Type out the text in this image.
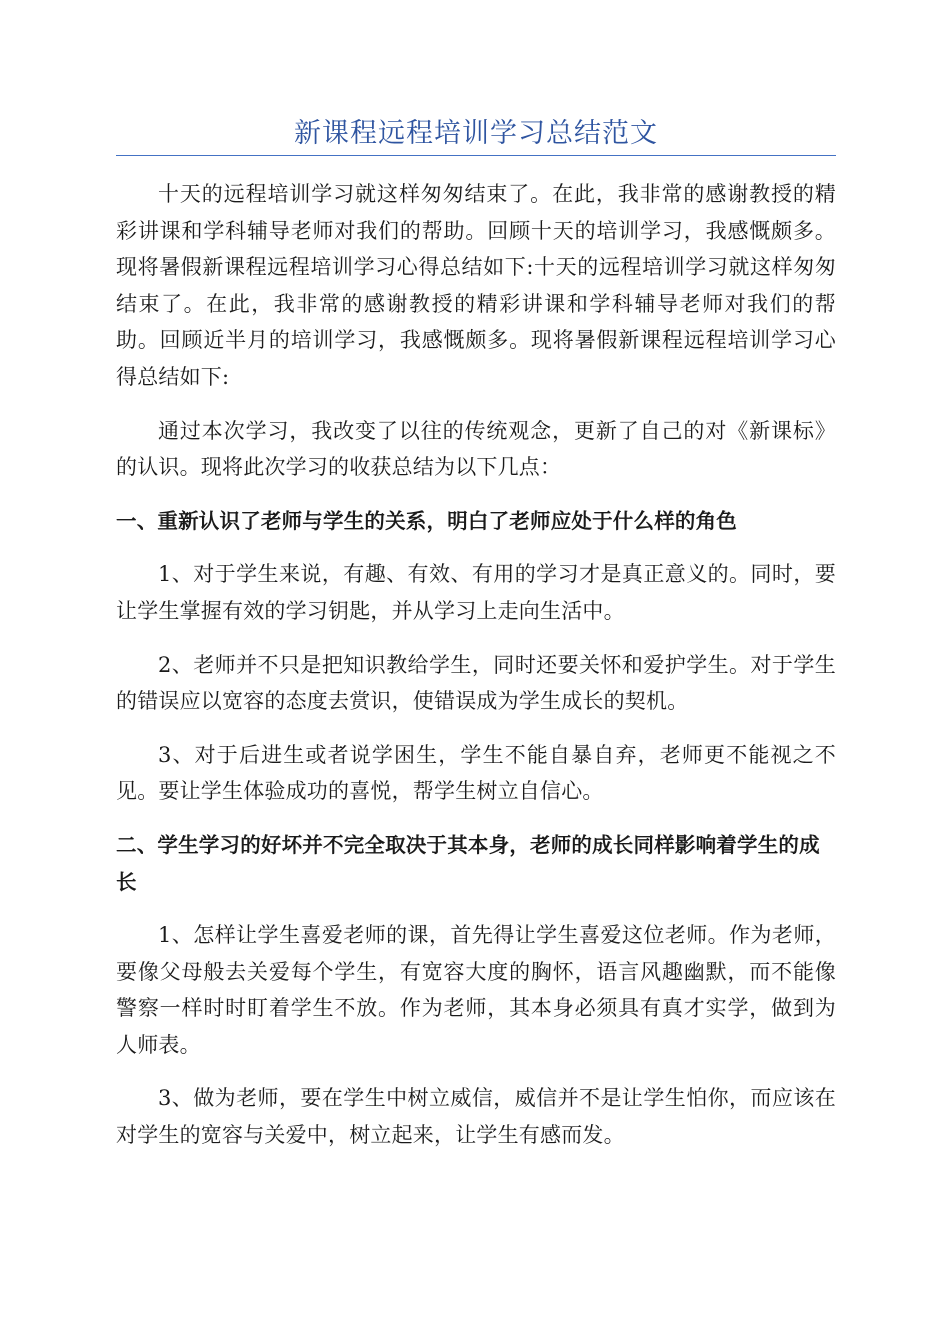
新课程远程培训学习总结范文

十天的远程培训学习就这样匆匆结束了。在此，我非常的感谢教授的精彩讲课和学科辅导老师对我们的帮助。回顾十天的培训学习，我感慨颇多。现将暑假新课程远程培训学习心得总结如下:十天的远程培训学习就这样匆匆结束了。在此，我非常的感谢教授的精彩讲课和学科辅导老师对我们的帮助。回顾近半月的培训学习，我感慨颇多。现将暑假新课程远程培训学习心得总结如下:

通过本次学习，我改变了以往的传统观念，更新了自己的对《新课标》的认识。现将此次学习的收获总结为以下几点：

一、重新认识了老师与学生的关系，明白了老师应处于什么样的角色

1、对于学生来说，有趣、有效、有用的学习才是真正意义的。同时，要让学生掌握有效的学习钥匙，并从学习上走向生活中。

2、老师并不只是把知识教给学生，同时还要关怀和爱护学生。对于学生的错误应以宽容的态度去赏识，使错误成为学生成长的契机。

3、对于后进生或者说学困生，学生不能自暴自弃，老师更不能视之不见。要让学生体验成功的喜悦，帮学生树立自信心。

二、学生学习的好坏并不完全取决于其本身，老师的成长同样影响着学生的成长

1、怎样让学生喜爱老师的课，首先得让学生喜爱这位老师。作为老师，要像父母般去关爱每个学生，有宽容大度的胸怀，语言风趣幽默，而不能像警察一样时时盯着学生不放。作为老师，其本身必须具有真才实学，做到为人师表。

3、做为老师，要在学生中树立威信，威信并不是让学生怕你，而应该在对学生的宽容与关爱中，树立起来，让学生有感而发。
